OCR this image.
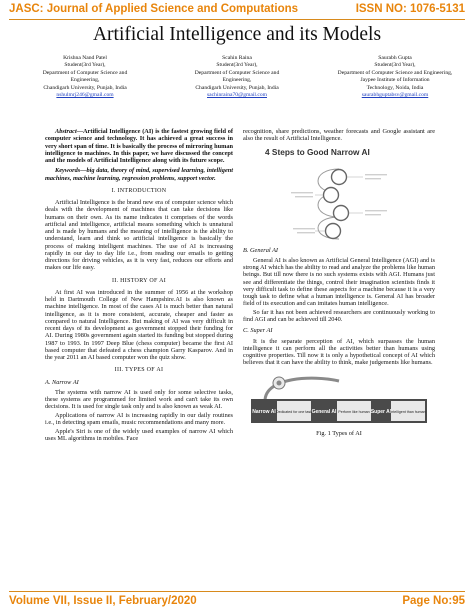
JASC: Journal of Applied Science and Computations	ISSN NO: 1076-5131
Artificial Intelligence and its Models
Krishna Nand Patel
Student(3rd Year),
Department of Computer Science and
Engineering,
Chandigarh University, Punjab, India
nshulmrj246@gmail.com
Scahin Raina
Student(3rd Year),
Department of Computer Science and
Engineering,
Chandigarh University, Punjab, India
sachinraina70@gmail.com
Saurabh Gupta
Student(3rd Year),
Department of Computer Science and Engineering,
Jaypee Institute of Information
Technology, Noida, India
saurabhguptabsv@gmail.com

Abstract—Artificial Intelligence (AI) is the fastest growing field of computer science and technology. It has achieved a great success in very short span of time. It is basically the process of mirroring human intelligence to machines. In this paper, we have discussed the concept and the models of Artificial Intelligence along with its future scope.

Keywords—big data, theory of mind, supervised learning, intelligent machines, machine learning, regression problems, support vector.

I. INTRODUCTION

Artificial Intelligence is the brand new era of computer science which deals with the development of machines that can take decisions like humans on their own. As its name indicates it comprises of the words artificial and intelligence, artificial means something which is unnatural and is made by humans and the meaning of intelligence is the ability to understand, learn and think so artificial intelligence is basically the process of making intelligent machines. The use of AI is increasing rapidly in our day to day life i.e., from reading our emails to getting directions for driving vehicles, as it is very fast, reduces our efforts and makes our life easy.

II. HISTORY OF AI

At first AI was introduced in the summer of 1956 at the workshop held in Dartmouth College of New Hampshire.AI is also known as machine intelligence. In most of the cases AI is much better than natural intelligence, as it is more consistent, accurate, cheaper and faster as compared to natural Intelligence. But making of AI was very difficult in recent days of its development as government stopped their funding for AI. During 1980s government again started its funding but stopped during 1987 to 1993. In 1997 Deep Blue (chess computer) became the first AI based computer that defeated a chess champion Garry Kasparov. And in the year 2011 an AI based computer won the quiz show.

III. TYPES OF AI
A. Narrow AI

The systems with narrow AI is used only for some selective tasks, these systems are programmed for limited work and can't take its own decisions. It is used for single task only and is also known as weak AI.

Applications of narrow AI is increasing rapidly in our daily routines i.e., in detecting spam emails, music recommendations and many more.

Apple's Siri is one of the widely used examples of narrow AI which uses ML algorithms in mobiles. Face

recognition, share predictions, weather forecasts and Google assistant are also the result of Artificial Intelligence.

4 Steps to Good Narrow AI
B. General AI

General AI is also known as Artificial General Intelligence (AGI) and is strong AI which has the ability to read and analyze the problems like human beings. But till now there is no such systems exists with AGI. Humans just see and differentiate the things, control their imagination scientists finds it very difficult task to define these aspects for a machine because it is a very tough task to define what a human intelligence is. General AI has broader field of its execution and can imitates human intelligence.

So far it has not been achieved researchers are continuously working to find AGI and can be achieved till 2040.

C. Super AI

It is the separate perception of AI, which surpasses the human intelligence it can perform all the activities better than humans using cognitive properties. Till now it is only a hypothetical concept of AI which believes that it can have the ability to think, make judgements like humans.

Narrow AI Dedicated for one task General AI Perform like human Super AI Intelligent than human
Fig. 1 Types of AI
Volume VII, Issue II, February/2020	Page No:95
